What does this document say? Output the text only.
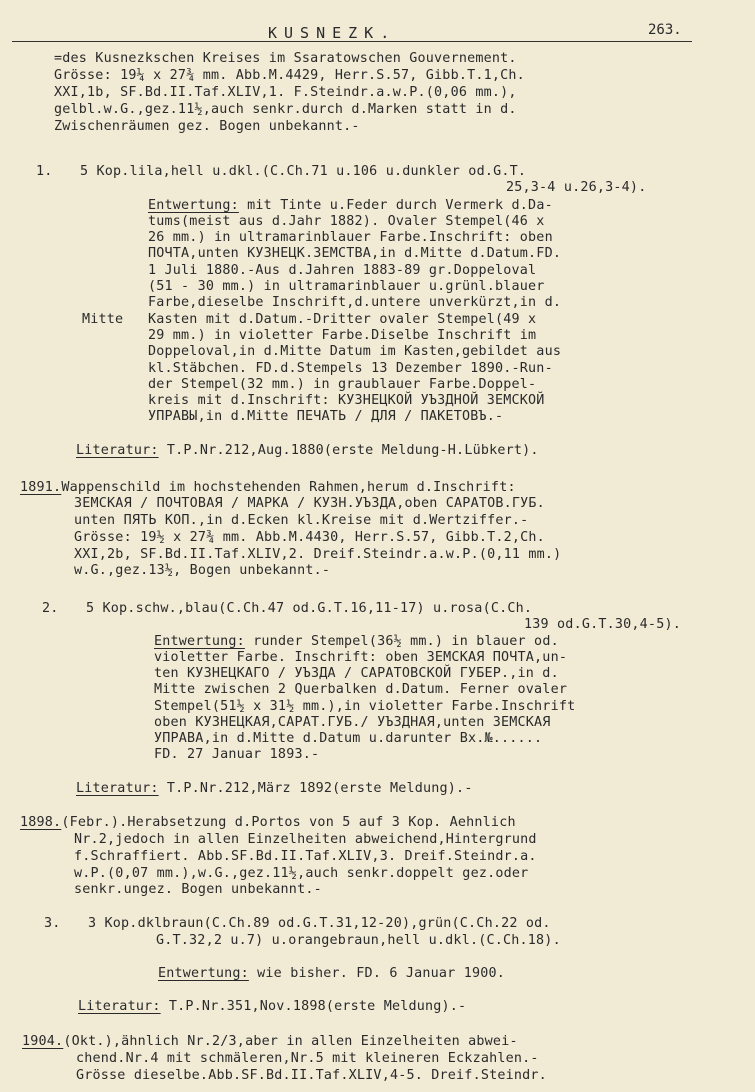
KUSNEZK.	263.
=des Kusnezkschen Kreises im Ssaratowschen Gouvernement.
Grösse: 19¼ x 27¾ mm. Abb.M.4429, Herr.S.57, Gibb.T.1,Ch.
XXI,1b, SF.Bd.II.Taf.XLIV,1. F.Steindr.a.w.P.(0,06 mm.),
gelbl.w.G.,gez.11½,auch senkr.durch d.Marken statt in d.
Zwischenräumen gez. Bogen unbekannt.-
1. 5 Kop.lila,hell u.dkl.(C.Ch.71 u.106 u.dunkler od.G.T.
25,3-4 u.26,3-4).
Entwertung: mit Tinte u.Feder durch Vermerk d.Da-
tums(meist aus d.Jahr 1882). Ovaler Stempel(46 x
26 mm.) in ultramarinblauer Farbe.Inschrift: oben
ПОЧТА,unten КУЗНЕЦК.ЗЕМСТВА,in d.Mitte d.Datum.FD.
1 Juli 1880.-Aus d.Jahren 1883-89 gr.Doppeloval
(51 - 30 mm.) in ultramarinblauer u.grünl.blauer
Farbe,dieselbe Inschrift,d.untere unverkürzt,in d.
Mitte Kasten mit d.Datum.-Dritter ovaler Stempel(49 x
29 mm.) in violetter Farbe.Diselbe Inschrift im
Doppeloval,in d.Mitte Datum im Kasten,gebildet aus
kl.Stäbchen. FD.d.Stempels 13 Dezember 1890.-Run-
der Stempel(32 mm.) in graublauer Farbe.Doppel-
kreis mit d.Inschrift: КУЗНЕЦКОЙ УЪЗДНОЙ ЗЕМСКОЙ
УПРАВЫ,in d.Mitte ПЕЧАТЬ / ДЛЯ / ПАКЕТОВЪ.-
Literatur: T.P.Nr.212,Aug.1880(erste Meldung-H.Lübkert).
1891.Wappenschild im hochstehenden Rahmen,herum d.Inschrift:
ЗЕМСКАЯ / ПОЧТОВАЯ / МАРКА / КУЗН.УЪЗДА,oben САРАТОВ.ГУБ.
unten ПЯТЬ КОП.,in d.Ecken kl.Kreise mit d.Wertziffer.-
Grösse: 19½ x 27¾ mm. Abb.M.4430, Herr.S.57, Gibb.T.2,Ch.
XXI,2b, SF.Bd.II.Taf.XLIV,2. Dreif.Steindr.a.w.P.(0,11 mm.)
w.G.,gez.13½, Bogen unbekannt.-
2. 5 Kop.schw.,blau(C.Ch.47 od.G.T.16,11-17) u.rosa(C.Ch.
139 od.G.T.30,4-5).
Entwertung: runder Stempel(36½ mm.) in blauer od.
violetter Farbe. Inschrift: oben ЗЕМСКАЯ ПОЧТА,un-
ten КУЗНЕЦКАГО / УЪЗДА / САРАТОВСКОЙ ГУБЕР.,in d.
Mitte zwischen 2 Querbalken d.Datum. Ferner ovaler
Stempel(51½ x 31½ mm.),in violetter Farbe.Inschrift
oben КУЗНЕЦКАЯ,САРАТ.ГУБ./ УЪЗДНАЯ,unten ЗЕМСКАЯ
УПРАВА,in d.Mitte d.Datum u.darunter Вх.№......
FD. 27 Januar 1893.-
Literatur: T.P.Nr.212,März 1892(erste Meldung).-
1898.(Febr.).Herabsetzung d.Portos von 5 auf 3 Kop. Aehnlich
Nr.2,jedoch in allen Einzelheiten abweichend,Hintergrund
f.Schraffiert. Abb.SF.Bd.II.Taf.XLIV,3. Dreif.Steindr.a.
w.P.(0,07 mm.),w.G.,gez.11½,auch senkr.doppelt gez.oder
senkr.ungez. Bogen unbekannt.-
3. 3 Kop.dklbraun(C.Ch.89 od.G.T.31,12-20),grün(C.Ch.22 od.
G.T.32,2 u.7) u.orangebraun,hell u.dkl.(C.Ch.18).
Entwertung: wie bisher. FD. 6 Januar 1900.
Literatur: T.P.Nr.351,Nov.1898(erste Meldung).-
1904.(Okt.),ähnlich Nr.2/3,aber in allen Einzelheiten abwei-
chend.Nr.4 mit schmäleren,Nr.5 mit kleineren Eckzahlen.-
Grösse dieselbe.Abb.SF.Bd.II.Taf.XLIV,4-5. Dreif.Steindr.
